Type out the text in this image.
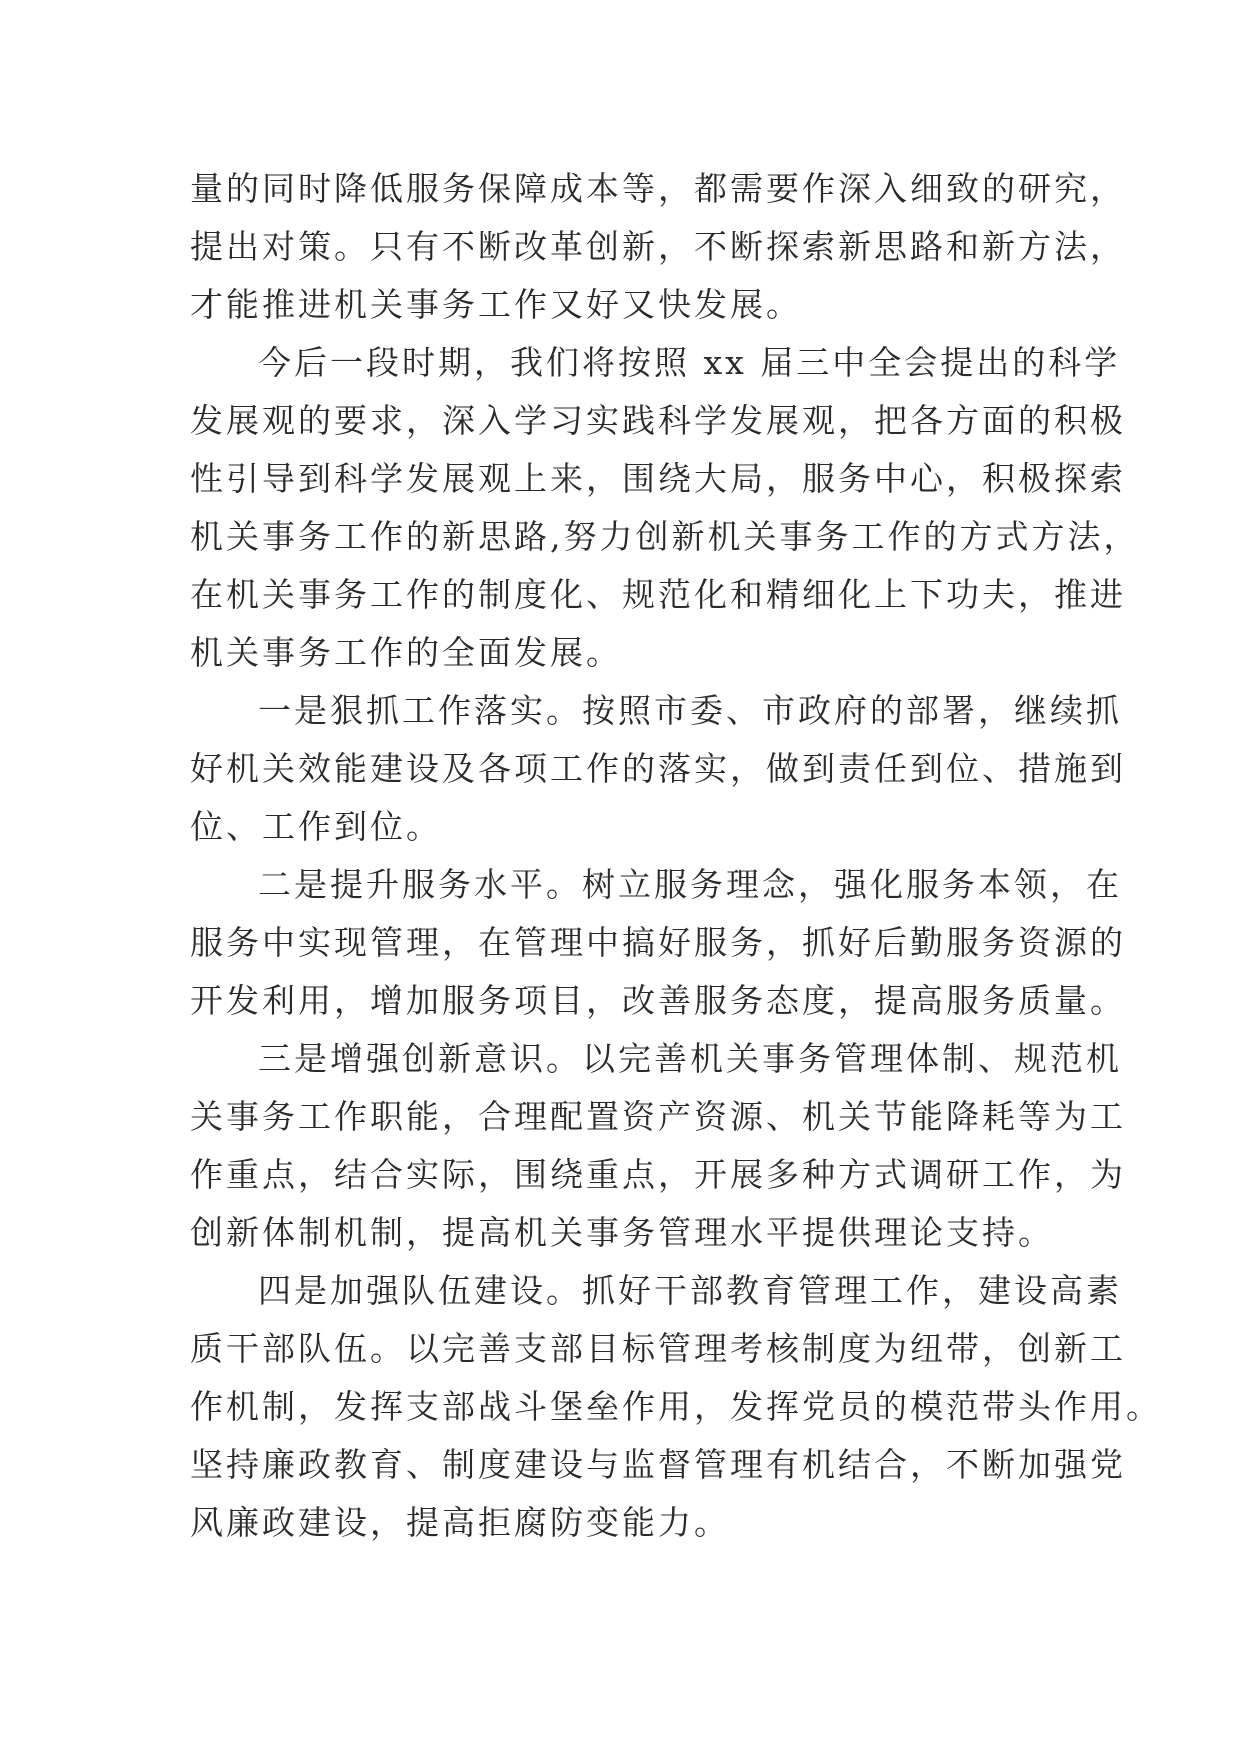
量的同时降低服务保障成本等，都需要作深入细致的研究，
提出对策。只有不断改革创新，不断探索新思路和新方法，
才能推进机关事务工作又好又快发展。
今后一段时期，我们将按照 xx 届三中全会提出的科学
发展观的要求，深入学习实践科学发展观，把各方面的积极
性引导到科学发展观上来，围绕大局，服务中心，积极探索
机关事务工作的新思路,努力创新机关事务工作的方式方法，
在机关事务工作的制度化、规范化和精细化上下功夫，推进
机关事务工作的全面发展。
一是狠抓工作落实。按照市委、市政府的部署，继续抓
好机关效能建设及各项工作的落实，做到责任到位、措施到
位、工作到位。
二是提升服务水平。树立服务理念，强化服务本领，在
服务中实现管理，在管理中搞好服务，抓好后勤服务资源的
开发利用，增加服务项目，改善服务态度，提高服务质量。
三是增强创新意识。以完善机关事务管理体制、规范机
关事务工作职能，合理配置资产资源、机关节能降耗等为工
作重点，结合实际，围绕重点，开展多种方式调研工作，为
创新体制机制，提高机关事务管理水平提供理论支持。
四是加强队伍建设。抓好干部教育管理工作，建设高素
质干部队伍。以完善支部目标管理考核制度为纽带，创新工
作机制，发挥支部战斗堡垒作用，发挥党员的模范带头作用。
坚持廉政教育、制度建设与监督管理有机结合，不断加强党
风廉政建设，提高拒腐防变能力。
